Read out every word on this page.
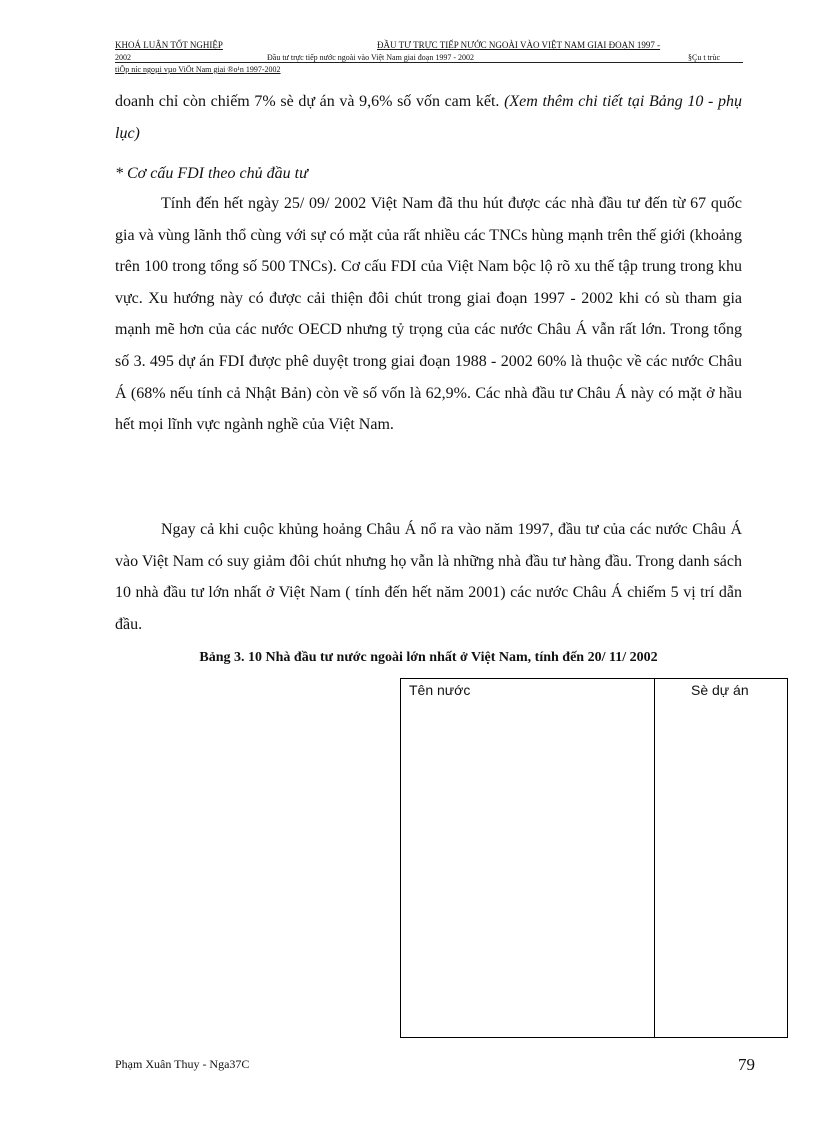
KHOÁ LUẬN TỐT NGHIỆP	ĐẦU TƯ TRỰC TIẾP NƯỚC NGOÀI VÀO VIỆT NAM GIAI ĐOẠN 1997 -
2002	Đầu tư trực tiếp nước ngoài vào Việt Nam giai đoạn 1997 - 2002	§Çu t trùc
tiÕp níc ngoµi vµo ViÖt Nam giai ®o¹n 1997-2002

doanh chỉ còn chiếm 7% sè dự án và 9,6% số vốn cam kết. (Xem thêm chi tiết tại Bảng 10 - phụ lục)

* Cơ cấu FDI theo chủ đầu tư

Tính đến hết ngày 25/ 09/ 2002 Việt Nam đã thu hút được các nhà đầu tư đến từ 67 quốc gia và vùng lãnh thổ cùng với sự có mặt của rất nhiều các TNCs hùng mạnh trên thế giới (khoảng trên 100 trong tổng số 500 TNCs). Cơ cấu FDI của Việt Nam bộc lộ rõ xu thế tập trung trong khu vực. Xu hướng này có được cải thiện đôi chút trong giai đoạn 1997 - 2002 khi có sù tham gia mạnh mẽ hơn của các nước OECD nhưng tỷ trọng của các nước Châu Á vẫn rất lớn. Trong tổng số 3. 495 dự án FDI được phê duyệt trong giai đoạn 1988 - 2002 60% là thuộc về các nước Châu Á (68% nếu tính cả Nhật Bản) còn về số vốn là 62,9%. Các nhà đầu tư Châu Á này có mặt ở hầu hết mọi lĩnh vực ngành nghề của Việt Nam.

Ngay cả khi cuộc khủng hoảng Châu Á nổ ra vào năm 1997, đầu tư của các nước Châu Á vào Việt Nam có suy giảm đôi chút nhưng họ vẫn là những nhà đầu tư hàng đầu. Trong danh sách 10 nhà đầu tư lớn nhất ở Việt Nam ( tính đến hết năm 2001) các nước Châu Á chiếm 5 vị trí dẫn đầu.

Bảng 3. 10 Nhà đầu tư nước ngoài lớn nhất ở Việt Nam, tính đến 20/ 11/ 2002
Tên nước	Sè dự án
Phạm Xuân Thuy - Nga37C	79
